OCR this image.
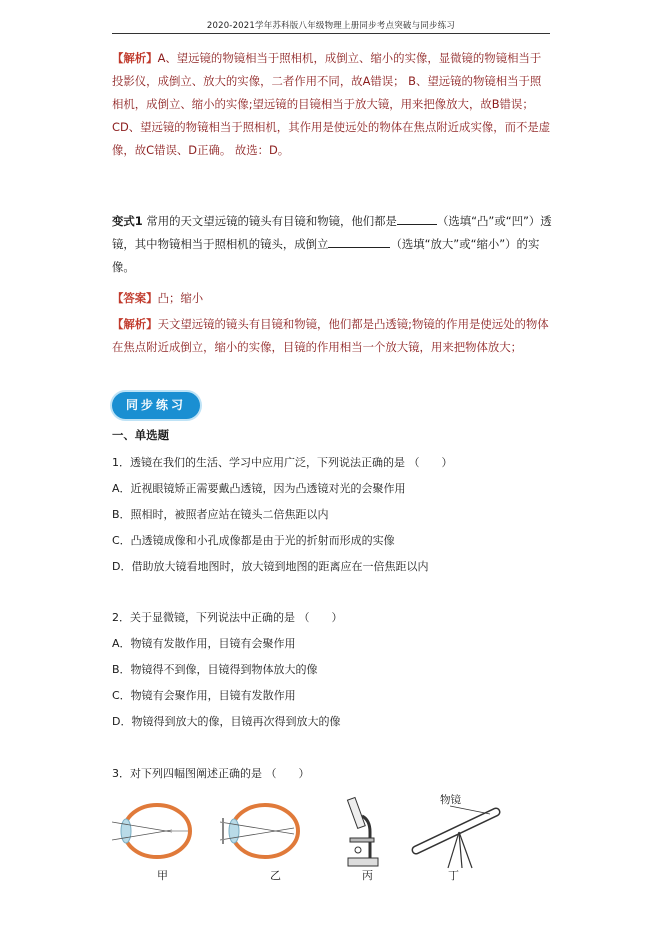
2020-2021学年苏科版八年级物理上册同步考点突破与同步练习
【解析】A、望远镜的物镜相当于照相机，成倒立、缩小的实像，显微镜的物镜相当于投影仪，成倒立、放大的实像，二者作用不同，故A错误； B、望远镜的物镜相当于照相机，成倒立、缩小的实像;望远镜的目镜相当于放大镜，用来把像放大，故B错误；CD、望远镜的物镜相当于照相机，其作用是使远处的物体在焦点附近成实像，而不是虚像，故C错误、D正确。 故选：D。
变式1 常用的天文望远镜的镜头有目镜和物镜，他们都是	（选填“凸”或“凹”）透镜，其中物镜相当于照相机的镜头，成倒立	（选填“放大”或“缩小”）的实像。
【答案】凸；缩小
【解析】天文望远镜的镜头有目镜和物镜，他们都是凸透镜;物镜的作用是使远处的物体在焦点附近成倒立，缩小的实像，目镜的作用相当一个放大镜，用来把物体放大；
同步练习
一、单选题
1．透镜在我们的生活、学习中应用广泛，下列说法正确的是 （　　）
A．近视眼镜矫正需要戴凸透镜，因为凸透镜对光的会聚作用
B．照相时，被照者应站在镜头二倍焦距以内
C．凸透镜成像和小孔成像都是由于光的折射而形成的实像
D．借助放大镜看地图时，放大镜到地图的距离应在一倍焦距以内
2．关于显微镜，下列说法中正确的是 （　　）
A．物镜有发散作用，目镜有会聚作用
B．物镜得不到像，目镜得到物体放大的像
C．物镜有会聚作用，目镜有发散作用
D．物镜得到放大的像，目镜再次得到放大的像
3．对下列四幅图阐述正确的是 （　　）
物镜
甲	乙	丙	丁
